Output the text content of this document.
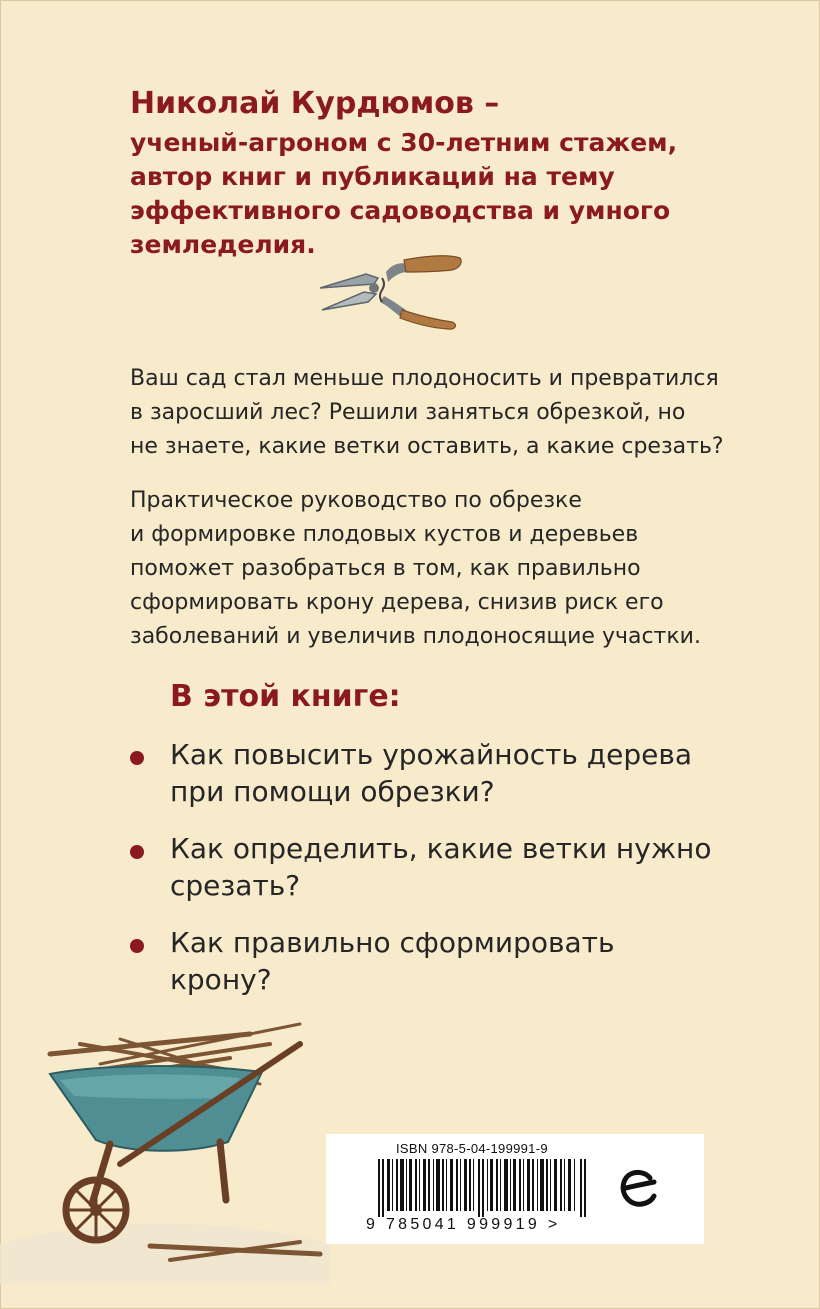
Николай Курдюмов –

ученый-агроном с 30-летним стажем,

автор книг и публикаций на тему

эффективного садоводства и умного

земледелия.

Ваш сад стал меньше плодоносить и превратился
в заросший лес? Решили заняться обрезкой, но
не знаете, какие ветки оставить, а какие срезать?

Практическое руководство по обрезке
и формировке плодовых кустов и деревьев
поможет разобраться в том, как правильно
сформировать крону дерева, снизив риск его
заболеваний и увеличив плодоносящие участки.

В этой книге:
Как повысить урожайность дерева
при помощи обрезки?
Как определить, какие ветки нужно
срезать?
Как правильно сформировать
крону?
ISBN 978-5-04-199991-9
9 785041 999919 >
